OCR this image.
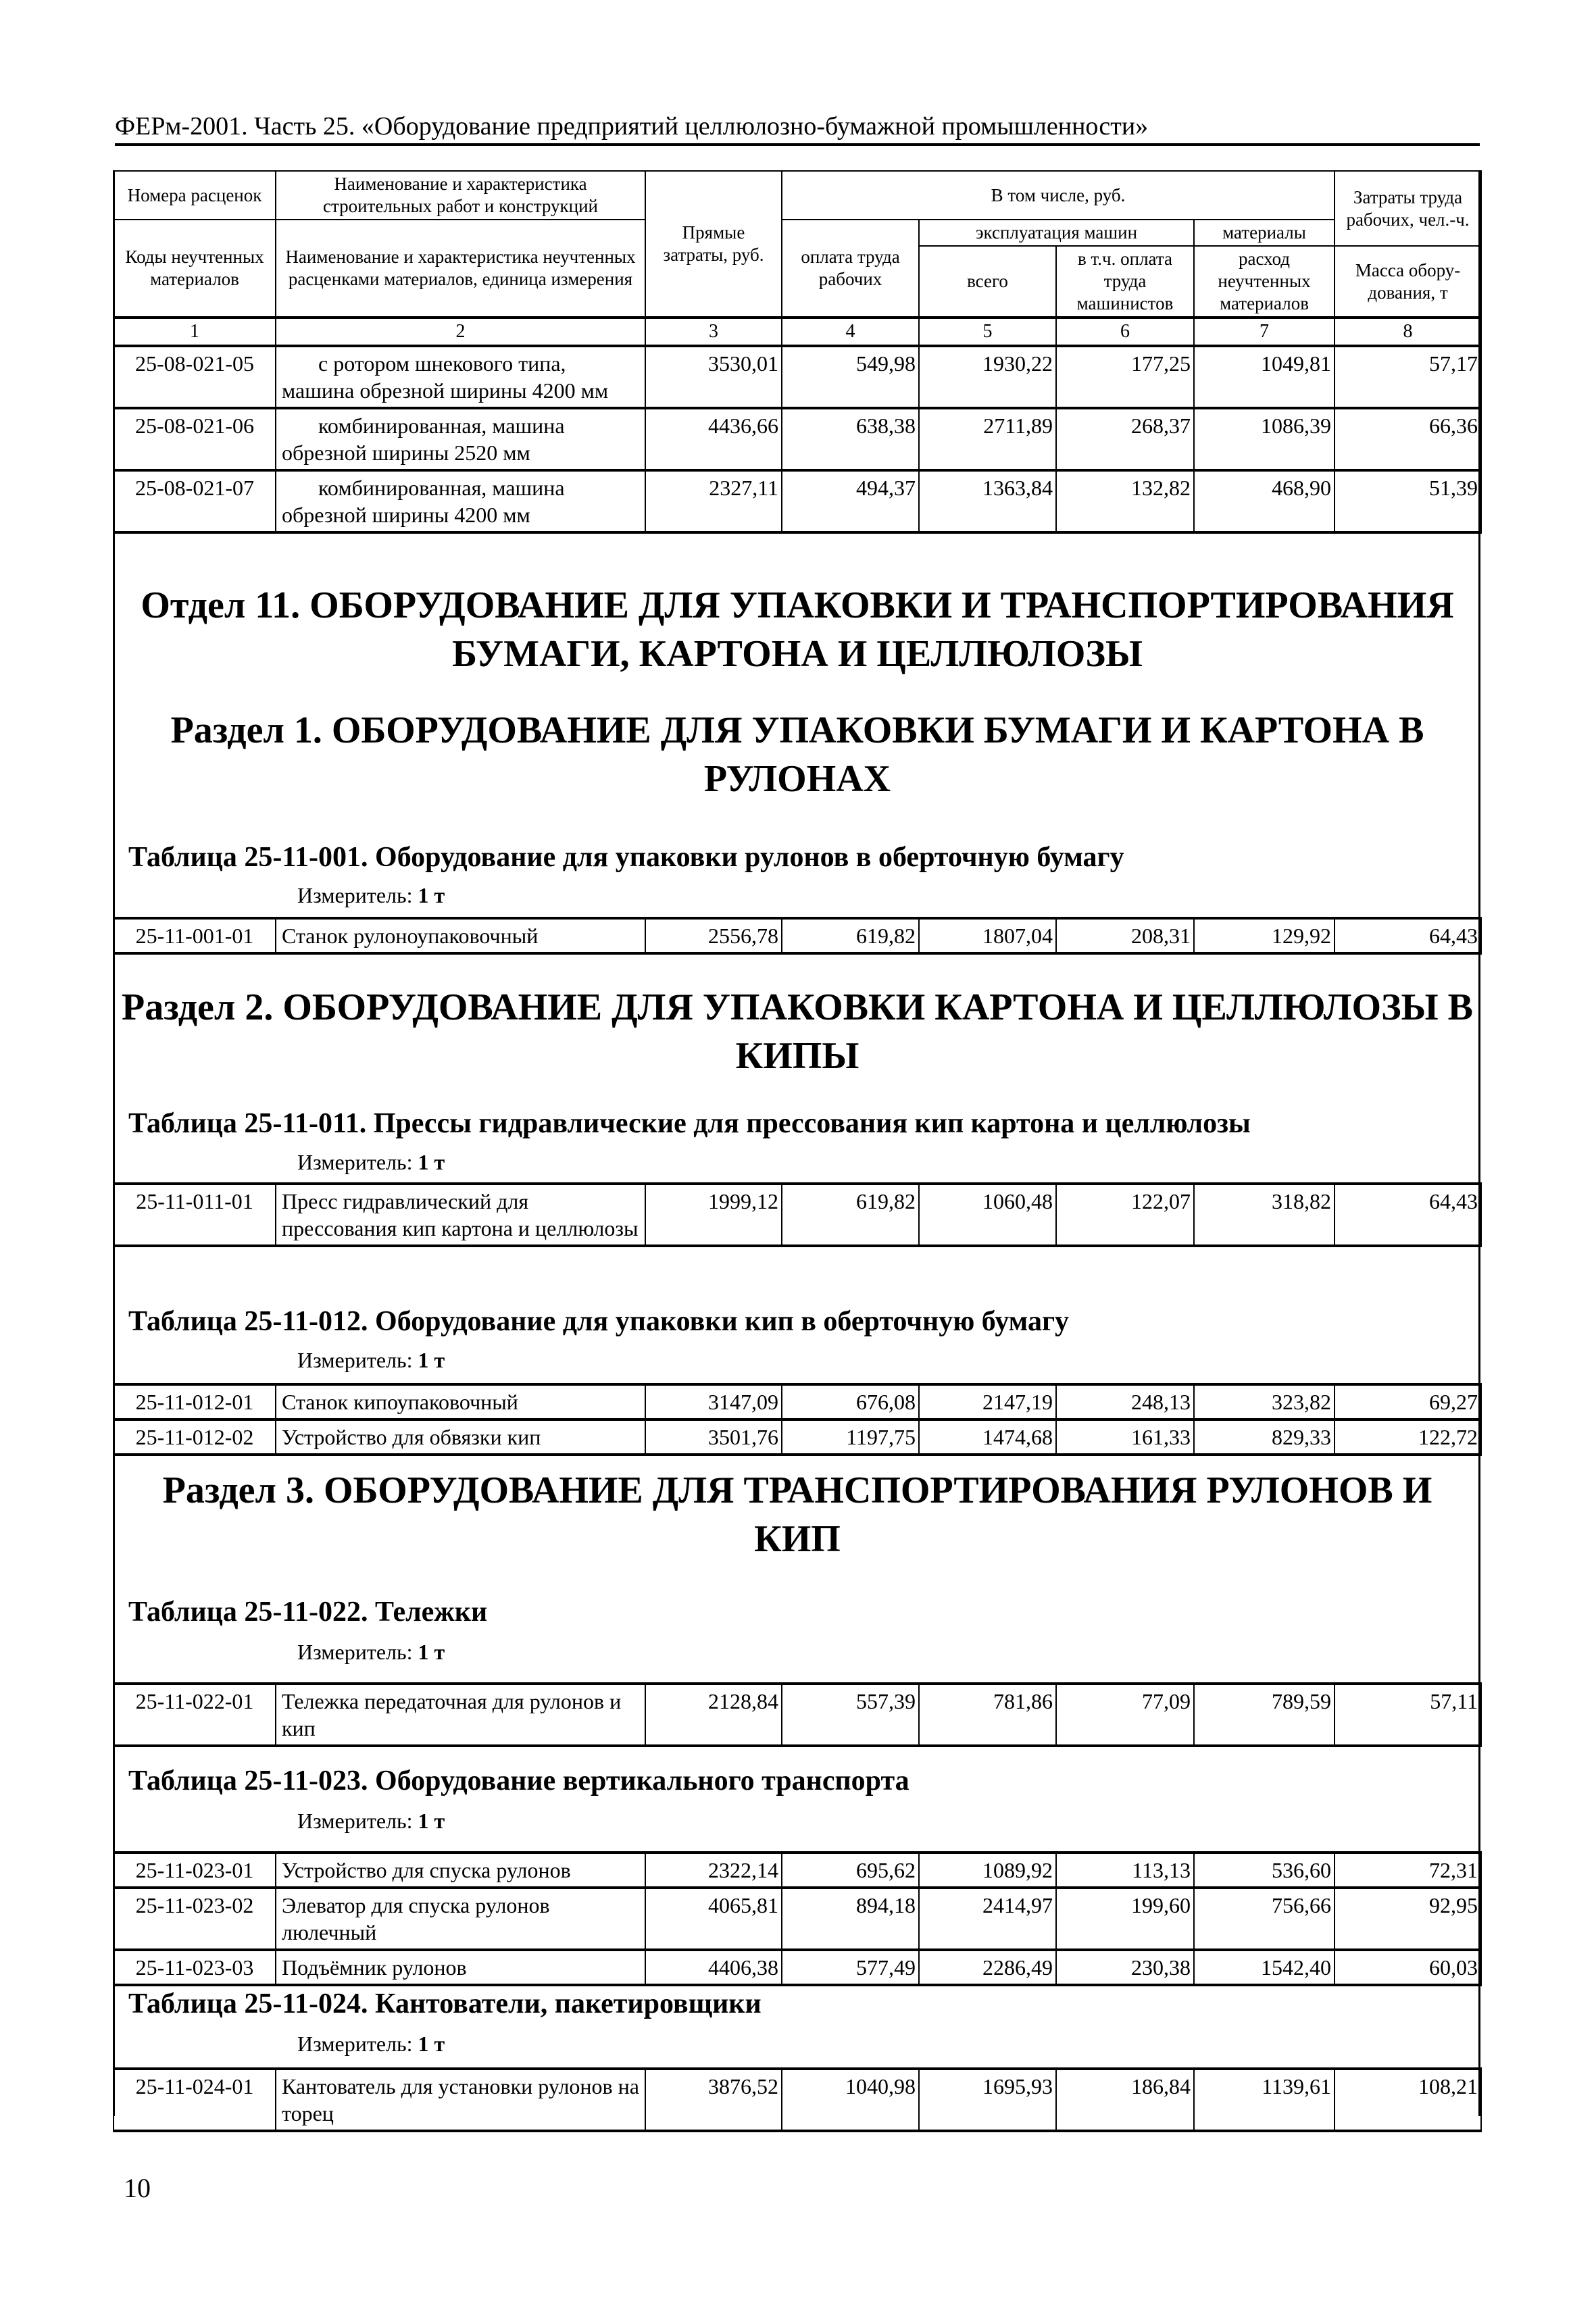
ФЕРм-2001. Часть 25. «Оборудование предприятий целлюлозно-бумажной промышленности»
Номера расценок	Наименование и характеристика строительных работ и конструкций	Прямые затраты, руб.	В том числе, руб.				Затраты труда рабочих, чел.-ч.
Коды неучтенных материалов	Наименование и характеристика неучтенных расценками материалов, единица измерения		оплата труда рабочих	эксплуатация машин		материалы	
				всего	в т.ч. оплата труда машинистов	расход неучтенных материалов	
							Масса обору-дования, т
1	2	3	4	5	6	7	8
25-08-021-05	с ротором шнекового типа, машина обрезной ширины 4200 мм	3530,01	549,98	1930,22	177,25	1049,81	57,17
25-08-021-06	комбинированная, машина обрезной ширины 2520 мм	4436,66	638,38	2711,89	268,37	1086,39	66,36
25-08-021-07	комбинированная, машина обрезной ширины 4200 мм	2327,11	494,37	1363,84	132,82	468,90	51,39
Отдел 11. ОБОРУДОВАНИЕ ДЛЯ УПАКОВКИ И ТРАНСПОРТИРОВАНИЯ БУМАГИ, КАРТОНА И ЦЕЛЛЮЛОЗЫ
Раздел 1. ОБОРУДОВАНИЕ ДЛЯ УПАКОВКИ БУМАГИ И КАРТОНА В РУЛОНАХ
Таблица 25-11-001. Оборудование для упаковки рулонов в оберточную бумагу
Измеритель: 1 т
25-11-001-01	Станок рулоноупаковочный	2556,78	619,82	1807,04	208,31	129,92	64,43
Раздел 2. ОБОРУДОВАНИЕ ДЛЯ УПАКОВКИ КАРТОНА И ЦЕЛЛЮЛОЗЫ В КИПЫ
Таблица 25-11-011. Прессы гидравлические для прессования кип картона и целлюлозы
Измеритель: 1 т
25-11-011-01	Пресс гидравлический для прессования кип картона и целлюлозы	1999,12	619,82	1060,48	122,07	318,82	64,43
Таблица 25-11-012. Оборудование для упаковки кип в оберточную бумагу
Измеритель: 1 т
25-11-012-01	Станок кипоупаковочный	3147,09	676,08	2147,19	248,13	323,82	69,27
25-11-012-02	Устройство для обвязки кип	3501,76	1197,75	1474,68	161,33	829,33	122,72
Раздел 3. ОБОРУДОВАНИЕ ДЛЯ ТРАНСПОРТИРОВАНИЯ РУЛОНОВ И КИП
Таблица 25-11-022. Тележки
Измеритель: 1 т
25-11-022-01	Тележка передаточная для рулонов и кип	2128,84	557,39	781,86	77,09	789,59	57,11
Таблица 25-11-023. Оборудование вертикального транспорта
Измеритель: 1 т
25-11-023-01	Устройство для спуска рулонов	2322,14	695,62	1089,92	113,13	536,60	72,31
25-11-023-02	Элеватор для спуска рулонов люлечный	4065,81	894,18	2414,97	199,60	756,66	92,95
25-11-023-03	Подъёмник рулонов	4406,38	577,49	2286,49	230,38	1542,40	60,03
Таблица 25-11-024. Кантователи, пакетировщики
Измеритель: 1 т
25-11-024-01	Кантователь для установки рулонов на торец	3876,52	1040,98	1695,93	186,84	1139,61	108,21
10
